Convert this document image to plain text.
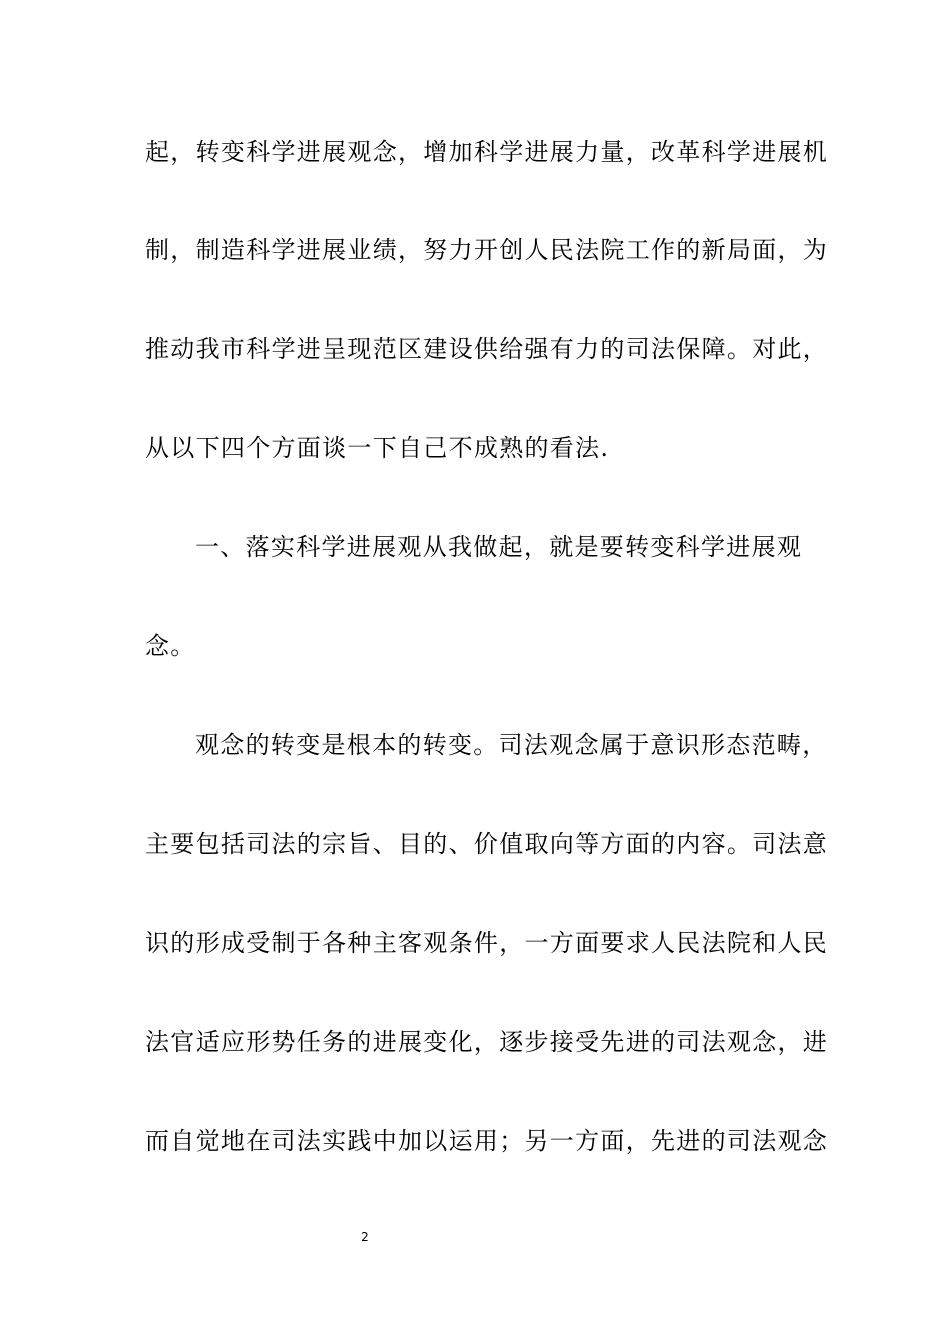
起，转变科学进展观念，增加科学进展力量，改革科学进展机
制，制造科学进展业绩，努力开创人民法院工作的新局面，为
推动我市科学进呈现范区建设供给强有力的司法保障。对此，
从以下四个方面谈一下自己不成熟的看法.
一、落实科学进展观从我做起，就是要转变科学进展观
念。
观念的转变是根本的转变。司法观念属于意识形态范畴，
主要包括司法的宗旨、目的、价值取向等方面的内容。司法意
识的形成受制于各种主客观条件，一方面要求人民法院和人民
法官适应形势任务的进展变化，逐步接受先进的司法观念，进
而自觉地在司法实践中加以运用；另一方面，先进的司法观念
2
